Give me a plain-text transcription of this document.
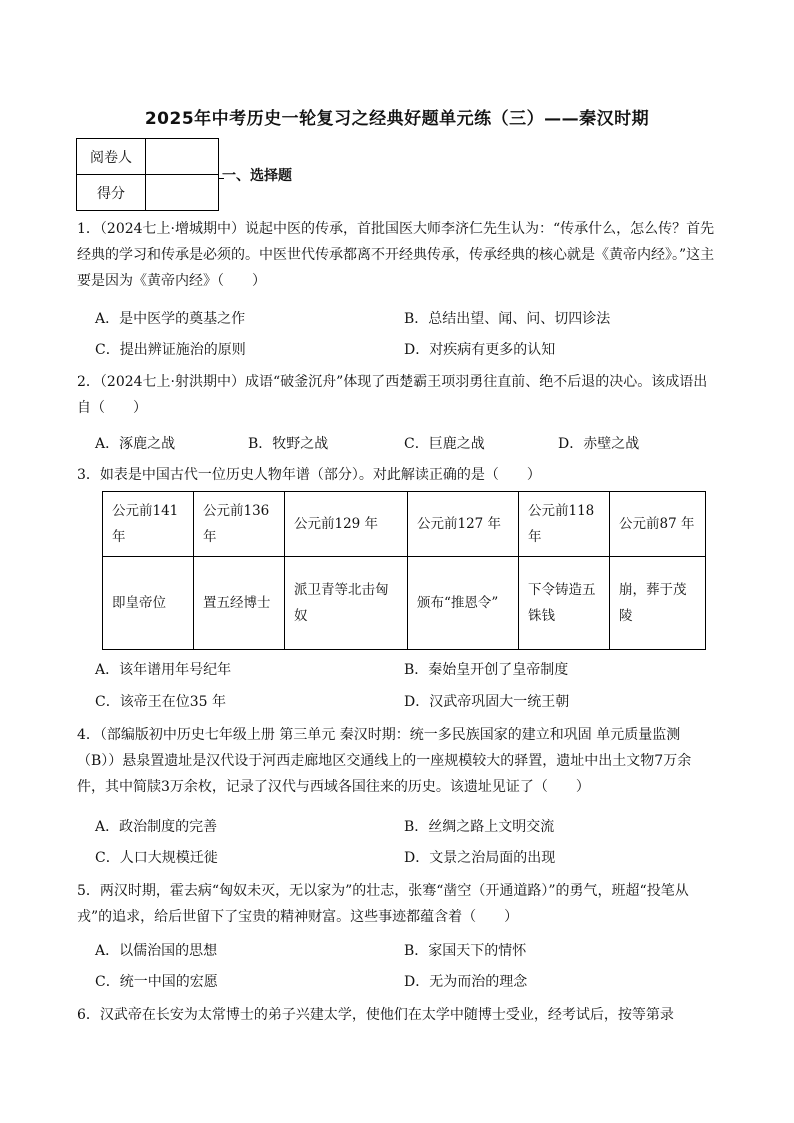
2025年中考历史一轮复习之经典好题单元练（三）——秦汉时期
阅卷人	
得分	
一、选择题
1．（2024七上·增城期中）说起中医的传承，首批国医大师李济仁先生认为：“传承什么，怎么传？首先经典的学习和传承是必须的。中医世代传承都离不开经典传承，传承经典的核心就是《黄帝内经》。”这主要是因为《黄帝内经》（　　）
A．是中医学的奠基之作	B．总结出望、闻、问、切四诊法
C．提出辨证施治的原则	D．对疾病有更多的认知
2．（2024七上·射洪期中）成语“破釜沉舟”体现了西楚霸王项羽勇往直前、绝不后退的决心。该成语出自（　　）
A．涿鹿之战	B．牧野之战	C．巨鹿之战	D．赤壁之战
3．如表是中国古代一位历史人物年谱（部分）。对此解读正确的是（　　）
公元前141年	公元前136年	公元前129 年	公元前127 年	公元前118年	公元前87 年
即皇帝位	置五经博士	派卫青等北击匈奴	颁布“推恩令”	下令铸造五铢钱	崩，葬于茂陵
A．该年谱用年号纪年	B．秦始皇开创了皇帝制度
C．该帝王在位35 年	D．汉武帝巩固大一统王朝
4．（部编版初中历史七年级上册 第三单元 秦汉时期：统一多民族国家的建立和巩固 单元质量监测（B））悬泉置遗址是汉代设于河西走廊地区交通线上的一座规模较大的驿置，遗址中出土文物7万余件，其中简牍3万余枚，记录了汉代与西域各国往来的历史。该遗址见证了（　　）
A．政治制度的完善	B．丝绸之路上文明交流
C．人口大规模迁徙	D．文景之治局面的出现
5．两汉时期，霍去病“匈奴未灭，无以家为”的壮志，张骞“凿空（开通道路）”的勇气，班超“投笔从戎”的追求，给后世留下了宝贵的精神财富。这些事迹都蕴含着（　　）
A．以儒治国的思想	B．家国天下的情怀
C．统一中国的宏愿	D．无为而治的理念
6．汉武帝在长安为太常博士的弟子兴建太学，使他们在太学中随博士受业，经考试后，按等第录
